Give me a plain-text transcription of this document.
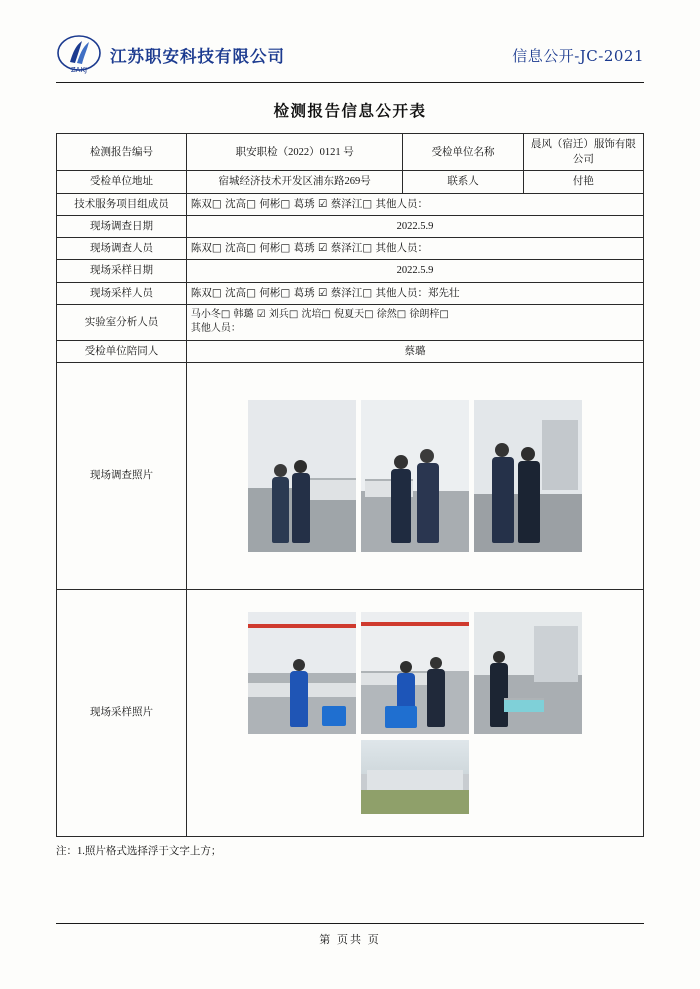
ZAKJ
江苏职安科技有限公司	信息公开-JC-2021
检测报告信息公开表
检测报告编号	职安职检（2022）0121 号	受检单位名称	晨风（宿迁）服饰有限公司
受检单位地址	宿城经济技术开发区浦东路269号	联系人	付艳
技术服务项目组成员	陈双□ 沈高□ 何彬□ 葛琇 ☑ 蔡泽江□ 其他人员：		
现场调查日期	2022.5.9		
现场调查人员	陈双□ 沈高□ 何彬□ 葛琇 ☑ 蔡泽江□ 其他人员：		
现场采样日期	2022.5.9		
现场采样人员	陈双□ 沈高□ 何彬□ 葛琇 ☑ 蔡泽江□ 其他人员：郑先壮		
实验室分析人员	马小冬□ 韩璐 ☑ 刘兵□ 沈培□ 倪夏天□ 徐然□ 徐朗梓□
其他人员：		

受检单位陪同人	蔡璐		
现场调查照片			

现场采样照片			
注：1.照片格式选择浮于文字上方；
第 页共 页
